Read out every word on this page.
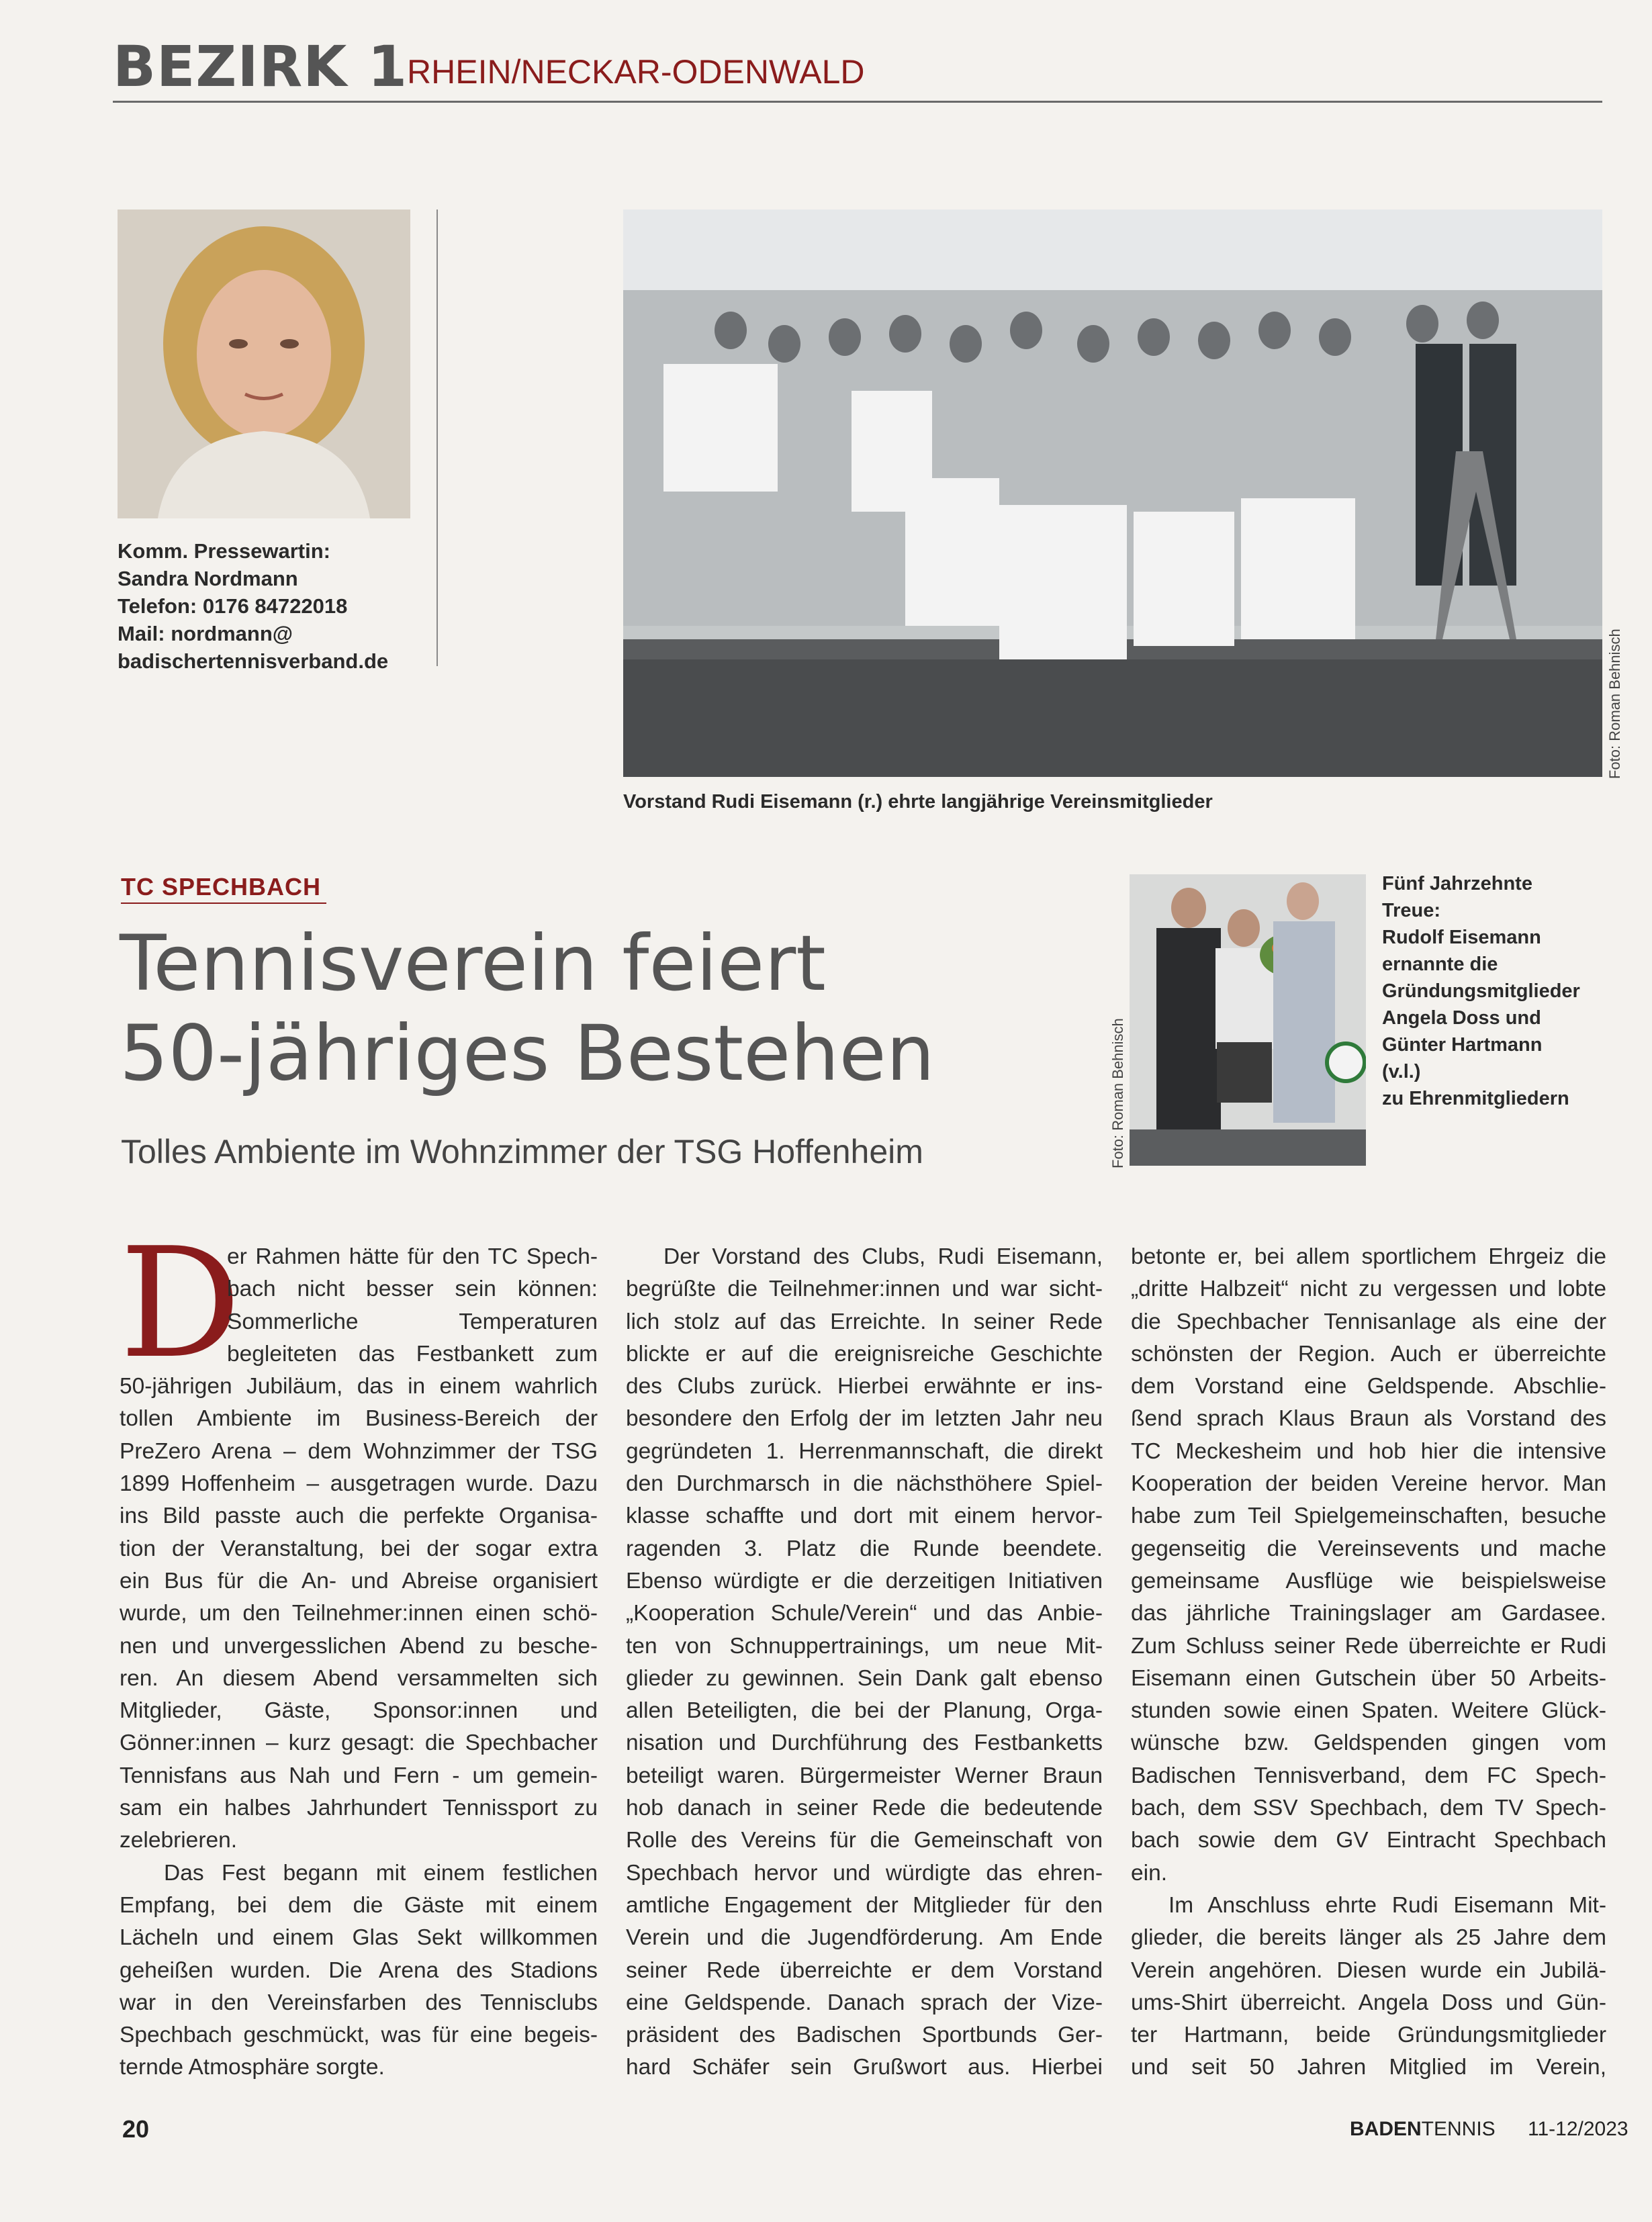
BEZIRK 1
RHEIN/NECKAR-ODENWALD
Komm. Pressewartin:
Sandra Nordmann
Telefon: 0176 84722018
Mail: nordmann@
badischertennisverband.de
Vorstand Rudi Eisemann (r.) ehrte langjährige Vereinsmitglieder
Foto: Roman Behnisch
TC SPECHBACH
Tennisverein feiert
50-jähriges Bestehen
Tolles Ambiente im Wohnzimmer der TSG Hoffenheim	Foto: Roman Behnisch
Fünf Jahrzehnte
Treue:
Rudolf Eisemann
ernannte die
Gründungsmitglieder
Angela Doss und
Günter Hartmann
(v.l.)
zu Ehrenmitgliedern
D
er Rahmen hätte für den TC Spech-
bach nicht besser sein können:
Sommerliche Temperaturen
begleiteten das Festbankett zum
50-jährigen Jubiläum, das in einem wahrlich
tollen Ambiente im Business-Bereich der
PreZero Arena – dem Wohnzimmer der TSG
1899 Hoffenheim – ausgetragen wurde. Dazu
ins Bild passte auch die perfekte Organisa-
tion der Veranstaltung, bei der sogar extra
ein Bus für die An- und Abreise organisiert
wurde, um den Teilnehmer:innen einen schö-
nen und unvergesslichen Abend zu beschе-
ren. An diesem Abend versammelten sich
Mitglieder, Gäste, Sponsor:innen und
Gönner:innen – kurz gesagt: die Spechbacher
Tennisfans aus Nah und Fern - um gemein-
sam ein halbes Jahrhundert Tennissport zu
zelebrieren.
Das Fest begann mit einem festlichen
Empfang, bei dem die Gäste mit einem
Lächeln und einem Glas Sekt willkommen
geheißen wurden. Die Arena des Stadions
war in den Vereinsfarben des Tennisclubs
Spechbach geschmückt, was für eine begeis-
ternde Atmosphäre sorgte.
Der Vorstand des Clubs, Rudi Eisemann,
begrüßte die Teilnehmer:innen und war sicht-
lich stolz auf das Erreichte. In seiner Rede
blickte er auf die ereignisreiche Geschichte
des Clubs zurück. Hierbei erwähnte er ins-
besondere den Erfolg der im letzten Jahr neu
gegründeten 1. Herrenmannschaft, die direkt
den Durchmarsch in die nächsthöhere Spiel-
klasse schaffte und dort mit einem hervor-
ragenden 3. Platz die Runde beendete.
Ebenso würdigte er die derzeitigen Initiativen
„Kooperation Schule/Verein“ und das Anbie-
ten von Schnuppertrainings, um neue Mit-
glieder zu gewinnen. Sein Dank galt ebenso
allen Beteiligten, die bei der Planung, Orga-
nisation und Durchführung des Festbanketts
beteiligt waren. Bürgermeister Werner Braun
hob danach in seiner Rede die bedeutende
Rolle des Vereins für die Gemeinschaft von
Spechbach hervor und würdigte das ehren-
amtliche Engagement der Mitglieder für den
Verein und die Jugendförderung. Am Ende
seiner Rede überreichte er dem Vorstand
eine Geldspende. Danach sprach der Vize-
präsident des Badischen Sportbunds Ger-
hard Schäfer sein Grußwort aus. Hierbei
betonte er, bei allem sportlichem Ehrgeiz die
„dritte Halbzeit“ nicht zu vergessen und lobte
die Spechbacher Tennisanlage als eine der
schönsten der Region. Auch er überreichte
dem Vorstand eine Geldspende. Abschlie-
ßend sprach Klaus Braun als Vorstand des
TC Meckesheim und hob hier die intensive
Kooperation der beiden Vereine hervor. Man
habe zum Teil Spielgemeinschaften, besuche
gegenseitig die Vereinsevents und mache
gemeinsame Ausflüge wie beispielsweise
das jährliche Trainingslager am Gardasee.
Zum Schluss seiner Rede überreichte er Rudi
Eisemann einen Gutschein über 50 Arbeits-
stunden sowie einen Spaten. Weitere Glück-
wünsche bzw. Geldspenden gingen vom
Badischen Tennisverband, dem FC Spech-
bach, dem SSV Spechbach, dem TV Spech-
bach sowie dem GV Eintracht Spechbach
ein.
Im Anschluss ehrte Rudi Eisemann Mit-
glieder, die bereits länger als 25 Jahre dem
Verein angehören. Diesen wurde ein Jubilä-
ums-Shirt überreicht. Angela Doss und Gün-
ter Hartmann, beide Gründungsmitglieder
und seit 50 Jahren Mitglied im Verein,
20	BADENTENNIS 11-12/2023
